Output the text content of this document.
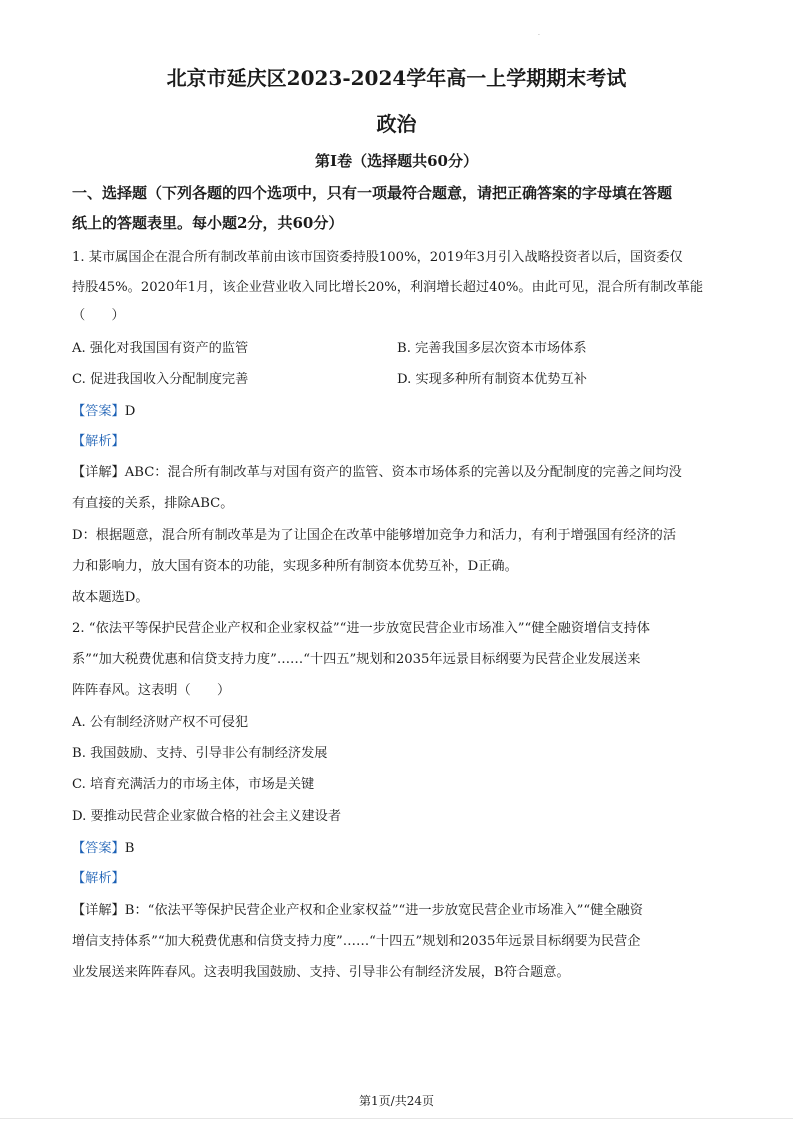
.
北京市延庆区2023-2024学年高一上学期期末考试
政治
第Ⅰ卷（选择题共60分）
一、选择题（下列各题的四个选项中，只有一项最符合题意，请把正确答案的字母填在答题
纸上的答题表里。每小题2分，共60分）
1. 某市属国企在混合所有制改革前由该市国资委持股100%，2019年3月引入战略投资者以后，国资委仅
持股45%。2020年1月，该企业营业收入同比增长20%，利润增长超过40%。由此可见，混合所有制改革能
（　　）
A. 强化对我国国有资产的监管	B. 完善我国多层次资本市场体系
C. 促进我国收入分配制度完善	D. 实现多种所有制资本优势互补
【答案】D
【解析】
【详解】ABC：混合所有制改革与对国有资产的监管、资本市场体系的完善以及分配制度的完善之间均没
有直接的关系，排除ABC。
D：根据题意，混合所有制改革是为了让国企在改革中能够增加竞争力和活力，有利于增强国有经济的活
力和影响力，放大国有资本的功能，实现多种所有制资本优势互补，D正确。
故本题选D。
2. “依法平等保护民营企业产权和企业家权益”“进一步放宽民营企业市场准入”“健全融资增信支持体
系”“加大税费优惠和信贷支持力度”……“十四五”规划和2035年远景目标纲要为民营企业发展送来
阵阵春风。这表明（　　）
A. 公有制经济财产权不可侵犯
B. 我国鼓励、支持、引导非公有制经济发展
C. 培育充满活力的市场主体，市场是关键
D. 要推动民营企业家做合格的社会主义建设者
【答案】B
【解析】
【详解】B：“依法平等保护民营企业产权和企业家权益”“进一步放宽民营企业市场准入”“健全融资
增信支持体系”“加大税费优惠和信贷支持力度”……“十四五”规划和2035年远景目标纲要为民营企
业发展送来阵阵春风。这表明我国鼓励、支持、引导非公有制经济发展，B符合题意。
第1页/共24页
